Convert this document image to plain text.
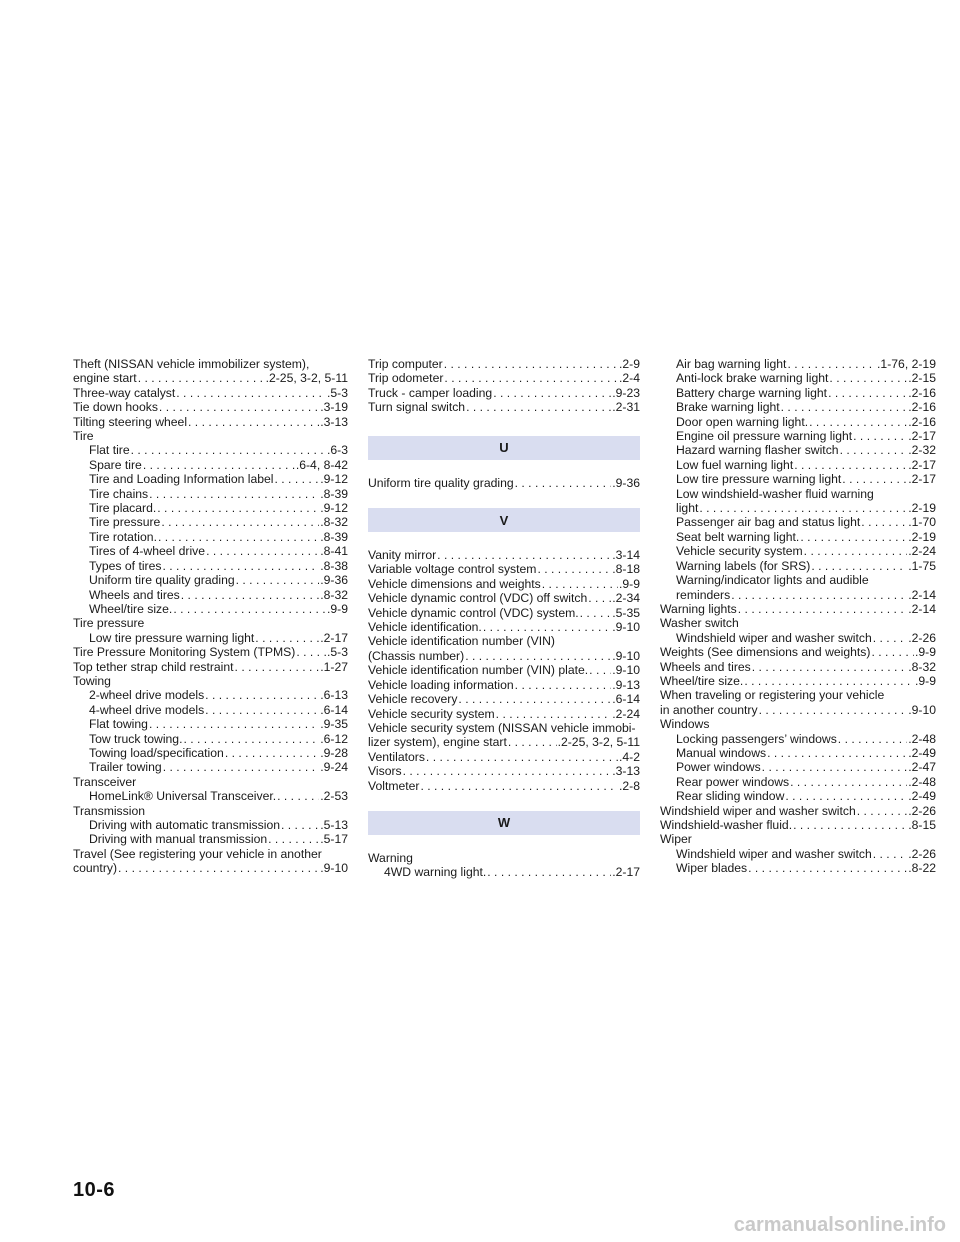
Theft (NISSAN vehicle immobilizer system),
engine start . . .	.2-25, 3-2, 5-11
Three-way catalyst . . .	.5-3
Tie down hooks . . .	.3-19
Tilting steering wheel . . .	.3-13
Tire
Flat tire . . .	.6-3
Spare tire . . .	.6-4, 8-42
Tire and Loading Information label . . .	.9-12
Tire chains . . .	.8-39
Tire placard. . . .	.9-12
Tire pressure . . .	.8-32
Tire rotation. . . .	.8-39
Tires of 4-wheel drive . . .	.8-41
Types of tires . . .	.8-38
Uniform tire quality grading . . .	.9-36
Wheels and tires . . .	.8-32
Wheel/tire size. . . .	.9-9
Tire pressure
Low tire pressure warning light . . .	.2-17
Tire Pressure Monitoring System (TPMS) . . .	.5-3
Top tether strap child restraint . . .	.1-27
Towing
2-wheel drive models . . .	.6-13
4-wheel drive models . . .	.6-14
Flat towing . . .	.9-35
Tow truck towing. . . .	.6-12
Towing load/specification . . .	.9-28
Trailer towing . . .	.9-24
Transceiver
HomeLink® Universal Transceiver. . . .	.2-53
Transmission
Driving with automatic transmission . . .	.5-13
Driving with manual transmission . . .	.5-17
Travel (See registering your vehicle in another
country) . . .	.9-10
Trip computer . . .	.2-9
Trip odometer . . .	.2-4
Truck - camper loading . . .	.9-23
Turn signal switch . . .	.2-31
U
Uniform tire quality grading . . .	.9-36
V
Vanity mirror . . .	.3-14
Variable voltage control system . . .	.8-18
Vehicle dimensions and weights . . .	.9-9
Vehicle dynamic control (VDC) off switch . . . .2-34
Vehicle dynamic control (VDC) system. . . .	.5-35
Vehicle identification. . . .	.9-10
Vehicle identification number (VIN)
(Chassis number) . . .	.9-10
Vehicle identification number (VIN) plate. . . . .9-10
Vehicle loading information . . .	.9-13
Vehicle recovery . . .	.6-14
Vehicle security system . . .	.2-24
Vehicle security system (NISSAN vehicle immobi-
lizer system), engine start . . .	.2-25, 3-2, 5-11
Ventilators . . .	.4-2
Visors . . .	.3-13
Voltmeter . . .	.2-8
W
Warning
4WD warning light. . . .	.2-17
Air bag warning light . . .	.1-76, 2-19
Anti-lock brake warning light . . .	.2-15
Battery charge warning light . . .	.2-16
Brake warning light . . .	.2-16
Door open warning light. . . .	.2-16
Engine oil pressure warning light . . .	.2-17
Hazard warning flasher switch . . .	.2-32
Low fuel warning light . . .	.2-17
Low tire pressure warning light . . .	.2-17
Low windshield-washer fluid warning
light . . .	.2-19
Passenger air bag and status light . . .	.1-70
Seat belt warning light. . . .	.2-19
Vehicle security system . . .	.2-24
Warning labels (for SRS) . . .	.1-75
Warning/indicator lights and audible
reminders . . .	.2-14
Warning lights . . .	.2-14
Washer switch
Windshield wiper and washer switch . . .	.2-26
Weights (See dimensions and weights) . . .	.9-9
Wheels and tires . . .	.8-32
Wheel/tire size. . . .	.9-9
When traveling or registering your vehicle
in another country . . .	.9-10
Windows
Locking passengers’ windows . . .	.2-48
Manual windows . . .	.2-49
Power windows . . .	.2-47
Rear power windows . . .	.2-48
Rear sliding window . . .	.2-49
Windshield wiper and washer switch . . .	.2-26
Windshield-washer fluid. . . .	.8-15
Wiper
Windshield wiper and washer switch . . .	.2-26
Wiper blades . . .	.8-22
10-6
carmanualsonline.info
